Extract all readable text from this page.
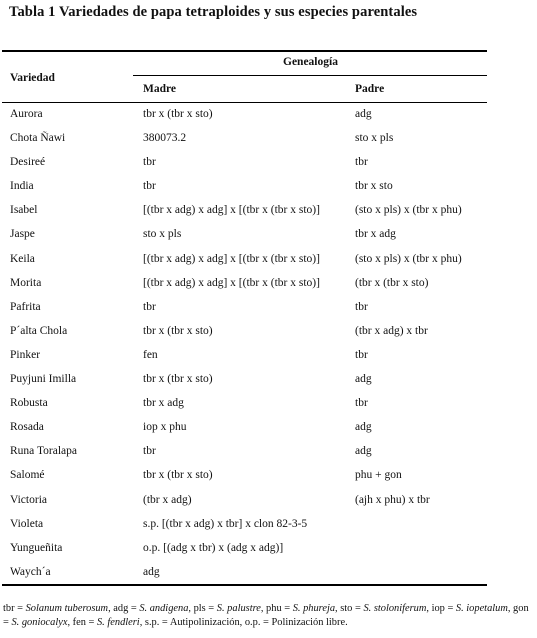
Tabla 1 Variedades de papa tetraploides y sus especies parentales
Genealogía
Variedad
Madre	Padre
Aurora	tbr x (tbr x sto)	adg
Chota Ñawi	380073.2	sto x pls
Desireé	tbr	tbr
India	tbr	tbr x sto
Isabel	[(tbr x adg) x adg] x [(tbr x (tbr x sto)]	(sto x pls) x (tbr x phu)
Jaspe	sto x pls	tbr x adg
Keila	[(tbr x adg) x adg] x [(tbr x (tbr x sto)]	(sto x pls) x (tbr x phu)
Morita	[(tbr x adg) x adg] x [(tbr x (tbr x sto)]	(tbr x (tbr x sto)
Pafrita	tbr	tbr
P´alta Chola	tbr x (tbr x sto)	(tbr x adg) x tbr
Pinker	fen	tbr
Puyjuni Imilla	tbr x (tbr x sto)	adg
Robusta	tbr x adg	tbr
Rosada	iop x phu	adg
Runa Toralapa	tbr	adg
Salomé	tbr x (tbr x sto)	phu + gon
Victoria	(tbr x adg)	(ajh x phu) x tbr
Violeta	s.p. [(tbr x adg) x tbr] x clon 82-3-5
Yungueñita	o.p. [(adg x tbr) x (adg x adg)]
Waych´a	adg
tbr = Solanum tuberosum, adg = S. andigena, pls = S. palustre, phu = S. phureja, sto = S. stoloniferum, iop = S. iopetalum, gon = S. goniocalyx, fen = S. fendleri, s.p. = Autipolinización, o.p. = Polinización libre.
